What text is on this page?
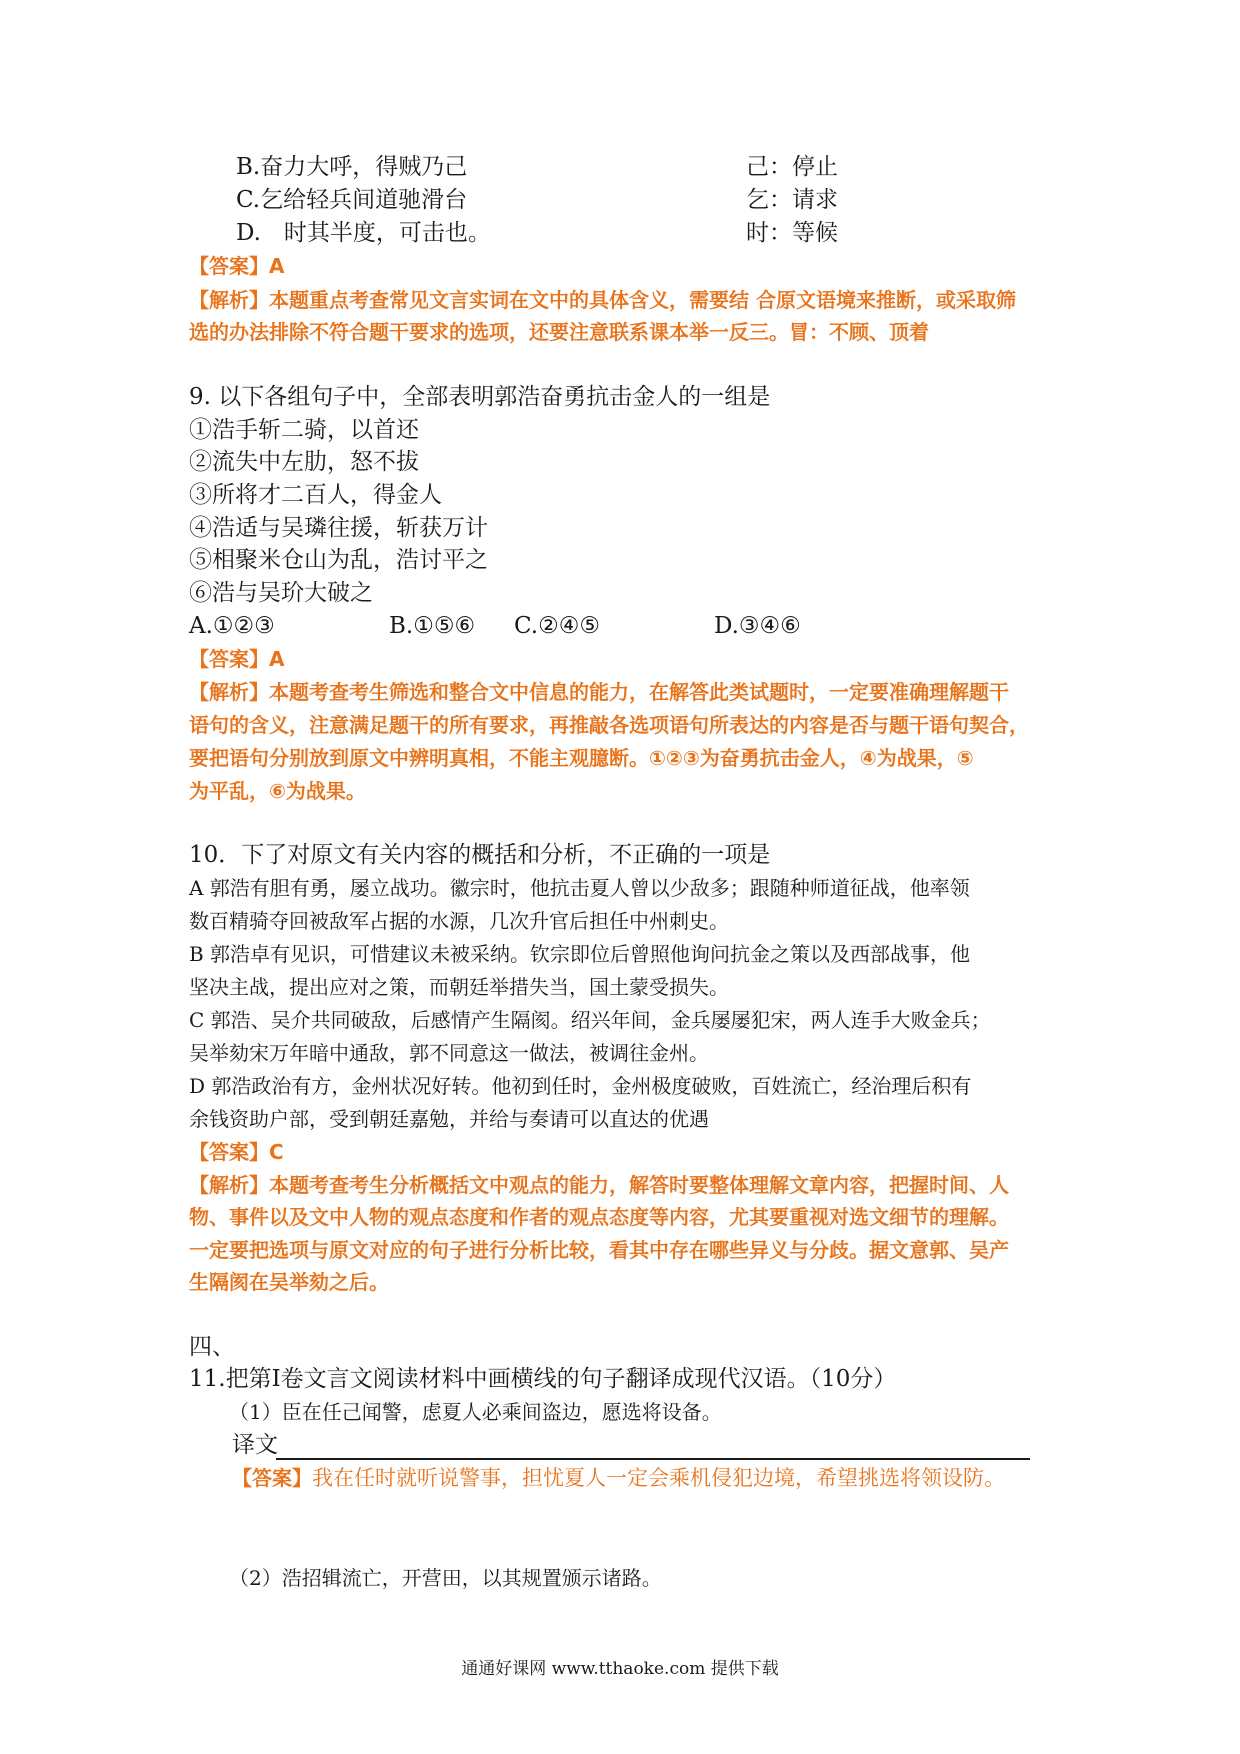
B.奋力大呼，得贼乃己	己：停止
C.乞给轻兵间道驰滑台	乞：请求
D.　时其半度，可击也。	时：等候
【答案】A
【解析】本题重点考查常见文言实词在文中的具体含义，需要结 合原文语境来推断，或采取筛
选的办法排除不符合题干要求的选项，还要注意联系课本举一反三。冒：不顾、顶着
9. 以下各组句子中，全部表明郭浩奋勇抗击金人的一组是
①浩手斩二骑，以首还
②流失中左肋，怒不拔
③所将才二百人，得金人
④浩适与吴璘往援，斩获万计
⑤相聚米仓山为乱，浩讨平之
⑥浩与吴玠大破之
A.①②③	B.①⑤⑥ C.②④⑤	D.③④⑥
【答案】A
【解析】本题考查考生筛选和整合文中信息的能力，在解答此类试题时，一定要准确理解题干
语句的含义，注意满足题干的所有要求，再推敲各选项语句所表达的内容是否与题干语句契合，
要把语句分别放到原文中辨明真相，不能主观臆断。①②③为奋勇抗击金人，④为战果，⑤
为平乱，⑥为战果。
10．下了对原文有关内容的概括和分析，不正确的一项是
A 郭浩有胆有勇，屡立战功。徽宗时，他抗击夏人曾以少敌多；跟随种师道征战，他率领
数百精骑夺回被敌军占据的水源，几次升官后担任中州刺史。
B 郭浩卓有见识，可惜建议未被采纳。钦宗即位后曾照他询问抗金之策以及西部战事，他
坚决主战，提出应对之策，而朝廷举措失当，国土蒙受损失。
C 郭浩、吴介共同破敌，后感情产生隔阂。绍兴年间，金兵屡屡犯宋，两人连手大败金兵；
吴举劾宋万年暗中通敌，郭不同意这一做法，被调往金州。
D 郭浩政治有方，金州状况好转。他初到任时，金州极度破败，百姓流亡，经治理后积有
余钱资助户部，受到朝廷嘉勉，并给与奏请可以直达的优遇
【答案】C
【解析】本题考查考生分析概括文中观点的能力，解答时要整体理解文章内容，把握时间、人
物、事件以及文中人物的观点态度和作者的观点态度等内容，尤其要重视对选文细节的理解。
一定要把选项与原文对应的句子进行分析比较，看其中存在哪些异义与分歧。据文意郭、吴产
生隔阂在吴举劾之后。
四、
11.把第Ⅰ卷文言文阅读材料中画横线的句子翻译成现代汉语。（10分）
（1）臣在任己闻警，虑夏人必乘间盗边，愿选将设备。
译文
【答案】我在任时就听说警事，担忧夏人一定会乘机侵犯边境，希望挑选将领设防。
（2）浩招辑流亡，开营田，以其规置颁示诸路。
通通好课网 www.tthaoke.com 提供下载
